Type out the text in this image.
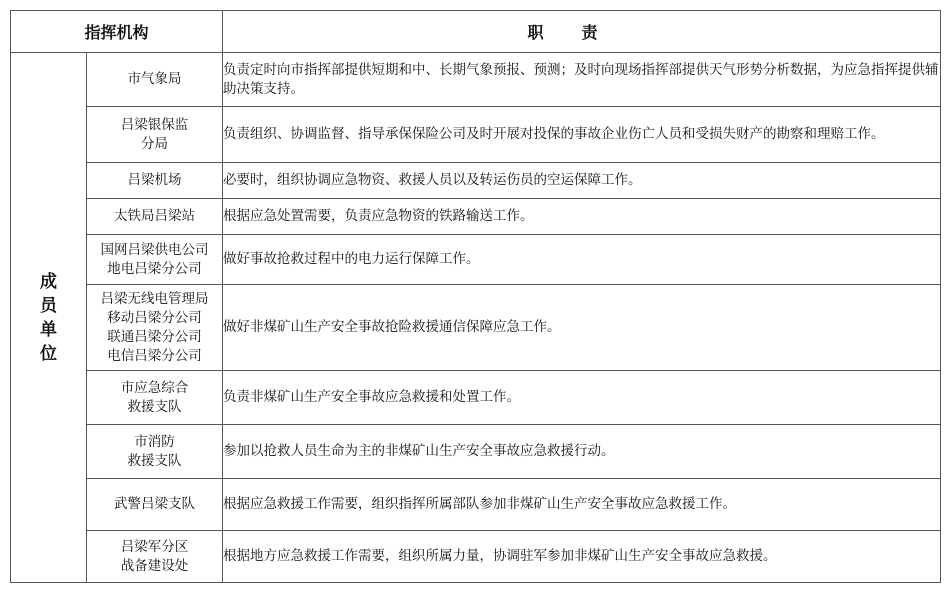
指挥机构		职责

成
员
单
位	市气象局	负责定时向市指挥部提供短期和中、长期气象预报、预测；及时向现场指挥部提供天气形势分析数据，为应急指挥提供辅助决策支持。

	吕梁银保监
分局	负责组织、协调监督、指导承保保险公司及时开展对投保的事故企业伤亡人员和受损失财产的勘察和理赔工作。

	吕梁机场	必要时，组织协调应急物资、救援人员以及转运伤员的空运保障工作。

	太铁局吕梁站	根据应急处置需要，负责应急物资的铁路输送工作。

	国网吕梁供电公司
地电吕梁分公司	做好事故抢救过程中的电力运行保障工作。

	吕梁无线电管理局
移动吕梁分公司
联通吕梁分公司
电信吕梁分公司	做好非煤矿山生产安全事故抢险救援通信保障应急工作。

	市应急综合
救援支队	负责非煤矿山生产安全事故应急救援和处置工作。

	市消防
救援支队	参加以抢救人员生命为主的非煤矿山生产安全事故应急救援行动。

	武警吕梁支队	根据应急救援工作需要，组织指挥所属部队参加非煤矿山生产安全事故应急救援工作。

	吕梁军分区
战备建设处	根据地方应急救援工作需要，组织所属力量，协调驻军参加非煤矿山生产安全事故应急救援。
